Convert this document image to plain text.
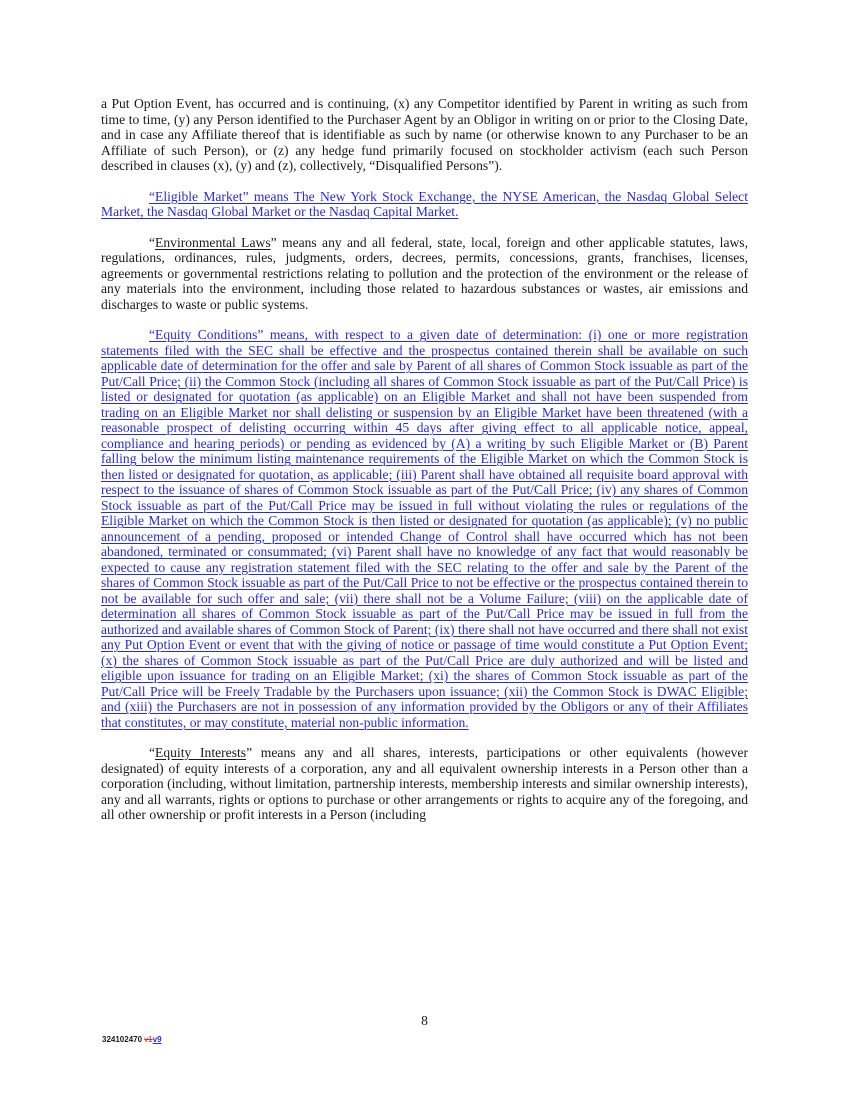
a Put Option Event, has occurred and is continuing, (x) any Competitor identified by Parent in writing as such from time to time, (y) any Person identified to the Purchaser Agent by an Obligor in writing on or prior to the Closing Date, and in case any Affiliate thereof that is identifiable as such by name (or otherwise known to any Purchaser to be an Affiliate of such Person), or (z) any hedge fund primarily focused on stockholder activism (each such Person described in clauses (x), (y) and (z), collectively, “Disqualified Persons”).

“Eligible Market” means The New York Stock Exchange, the NYSE American, the Nasdaq Global Select Market, the Nasdaq Global Market or the Nasdaq Capital Market.

“Environmental Laws” means any and all federal, state, local, foreign and other applicable statutes, laws, regulations, ordinances, rules, judgments, orders, decrees, permits, concessions, grants, franchises, licenses, agreements or governmental restrictions relating to pollution and the protection of the environment or the release of any materials into the environment, including those related to hazardous substances or wastes, air emissions and discharges to waste or public systems.

“Equity Conditions” means, with respect to a given date of determination: (i) one or more registration statements filed with the SEC shall be effective and the prospectus contained therein shall be available on such applicable date of determination for the offer and sale by Parent of all shares of Common Stock issuable as part of the Put/Call Price; (ii) the Common Stock (including all shares of Common Stock issuable as part of the Put/Call Price) is listed or designated for quotation (as applicable) on an Eligible Market and shall not have been suspended from trading on an Eligible Market nor shall delisting or suspension by an Eligible Market have been threatened (with a reasonable prospect of delisting occurring within 45 days after giving effect to all applicable notice, appeal, compliance and hearing periods) or pending as evidenced by (A) a writing by such Eligible Market or (B) Parent falling below the minimum listing maintenance requirements of the Eligible Market on which the Common Stock is then listed or designated for quotation, as applicable; (iii) Parent shall have obtained all requisite board approval with respect to the issuance of shares of Common Stock issuable as part of the Put/Call Price; (iv) any shares of Common Stock issuable as part of the Put/Call Price may be issued in full without violating the rules or regulations of the Eligible Market on which the Common Stock is then listed or designated for quotation (as applicable); (v) no public announcement of a pending, proposed or intended Change of Control shall have occurred which has not been abandoned, terminated or consummated; (vi) Parent shall have no knowledge of any fact that would reasonably be expected to cause any registration statement filed with the SEC relating to the offer and sale by the Parent of the shares of Common Stock issuable as part of the Put/Call Price to not be effective or the prospectus contained therein to not be available for such offer and sale; (vii) there shall not be a Volume Failure; (viii) on the applicable date of determination all shares of Common Stock issuable as part of the Put/Call Price may be issued in full from the authorized and available shares of Common Stock of Parent; (ix) there shall not have occurred and there shall not exist any Put Option Event or event that with the giving of notice or passage of time would constitute a Put Option Event; (x) the shares of Common Stock issuable as part of the Put/Call Price are duly authorized and will be listed and eligible upon issuance for trading on an Eligible Market; (xi) the shares of Common Stock issuable as part of the Put/Call Price will be Freely Tradable by the Purchasers upon issuance; (xii) the Common Stock is DWAC Eligible; and (xiii) the Purchasers are not in possession of any information provided by the Obligors or any of their Affiliates that constitutes, or may constitute, material non-public information.

“Equity Interests” means any and all shares, interests, participations or other equivalents (however designated) of equity interests of a corporation, any and all equivalent ownership interests in a Person other than a corporation (including, without limitation, partnership interests, membership interests and similar ownership interests), any and all warrants, rights or options to purchase or other arrangements or rights to acquire any of the foregoing, and all other ownership or profit interests in a Person (including

8
324102470 v1v9
